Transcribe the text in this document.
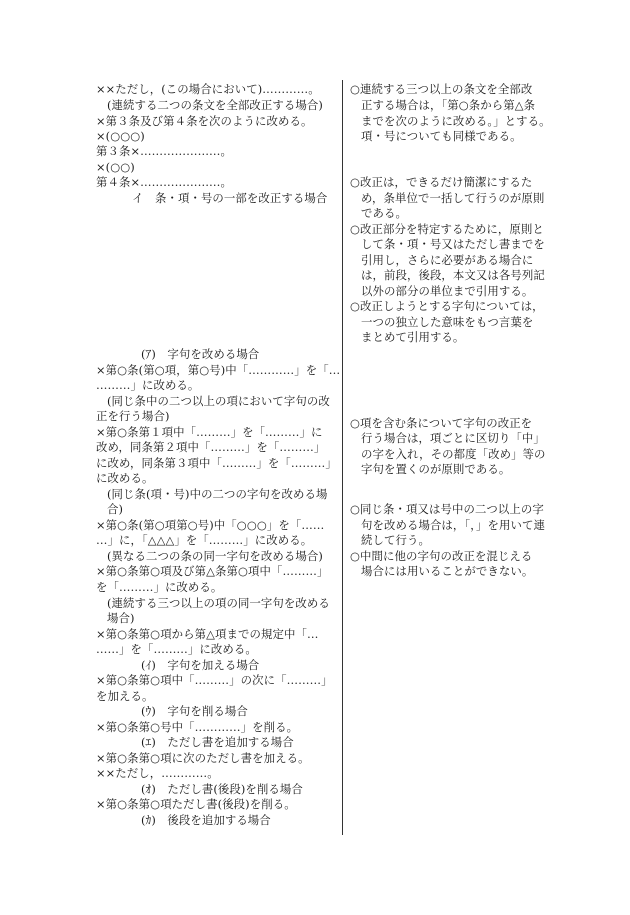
××ただし，(この場合において)…………。
(連続する二つの条文を全部改正する場合)
×第３条及び第４条を次のように改める。
×(○○○)
第３条×…………………。
×(○○)
第４条×…………………。
イ　条・項・号の一部を改正する場合
(ｱ)　字句を改める場合
×第○条(第○項，第○号)中「…………」を「…
………」に改める。
(同じ条中の二つ以上の項において字句の改
正を行う場合)
×第○条第１項中「………」を「………」に
改め，同条第２項中「………」を「………」
に改め，同条第３項中「………」を「………」
に改める。
(同じ条(項・号)中の二つの字句を改める場
合)
×第○条(第○項第○号)中「○○○」を「……
…」に，「△△△」を「………」に改める。
(異なる二つの条の同一字句を改める場合)
×第○条第○項及び第△条第○項中「………」
を「………」に改める。
(連続する三つ以上の項の同一字句を改める
場合)
×第○条第○項から第△項までの規定中「…
……」を「………」に改める。
(ｲ)　字句を加える場合
×第○条第○項中「………」の次に「………」
を加える。
(ｳ)　字句を削る場合
×第○条第○号中「…………」を削る。
(ｴ)　ただし書を追加する場合
×第○条第○項に次のただし書を加える。
××ただし，…………。
(ｵ)　ただし書(後段)を削る場合
×第○条第○項ただし書(後段)を削る。
(ｶ)　後段を追加する場合
○連続する三つ以上の条文を全部改
正する場合は，「第○条から第△条
までを次のように改める。」とする。
項・号についても同様である。
○改正は，できるだけ簡潔にするた
め，条単位で一括して行うのが原則
である。
○改正部分を特定するために，原則と
して条・項・号又はただし書までを
引用し，さらに必要がある場合に
は，前段，後段，本文又は各号列記
以外の部分の単位まで引用する。
○改正しようとする字句については，
一つの独立した意味をもつ言葉を
まとめて引用する。
○項を含む条について字句の改正を
行う場合は，項ごとに区切り「中」
の字を入れ，その都度「改め」等の
字句を置くのが原則である。
○同じ条・項又は号中の二つ以上の字
句を改める場合は，「，」を用いて連
続して行う。
○中間に他の字句の改正を混じえる
場合には用いることができない。
